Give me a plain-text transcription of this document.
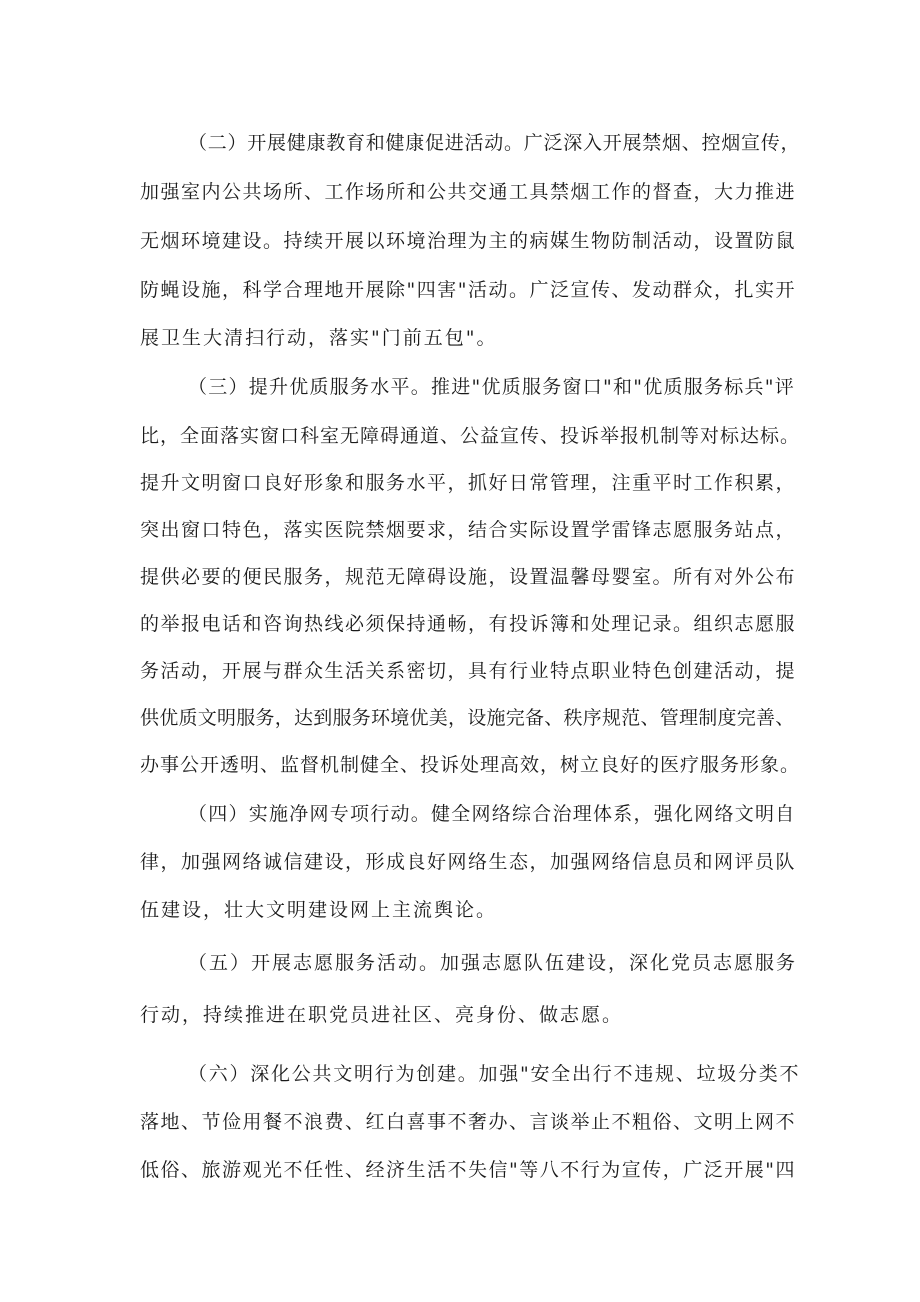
（二）开展健康教育和健康促进活动。广泛深入开展禁烟、控烟宣传，
加强室内公共场所、工作场所和公共交通工具禁烟工作的督查，大力推进
无烟环境建设。持续开展以环境治理为主的病媒生物防制活动，设置防鼠
防蝇设施，科学合理地开展除"四害"活动。广泛宣传、发动群众，扎实开
展卫生大清扫行动，落实"门前五包"。
（三）提升优质服务水平。推进"优质服务窗口"和"优质服务标兵"评
比，全面落实窗口科室无障碍通道、公益宣传、投诉举报机制等对标达标。
提升文明窗口良好形象和服务水平，抓好日常管理，注重平时工作积累，
突出窗口特色，落实医院禁烟要求，结合实际设置学雷锋志愿服务站点，
提供必要的便民服务，规范无障碍设施，设置温馨母婴室。所有对外公布
的举报电话和咨询热线必须保持通畅，有投诉簿和处理记录。组织志愿服
务活动，开展与群众生活关系密切，具有行业特点职业特色创建活动，提
供优质文明服务，达到服务环境优美，设施完备、秩序规范、管理制度完善、
办事公开透明、监督机制健全、投诉处理高效，树立良好的医疗服务形象。
（四）实施净网专项行动。健全网络综合治理体系，强化网络文明自
律，加强网络诚信建设，形成良好网络生态，加强网络信息员和网评员队
伍建设，壮大文明建设网上主流舆论。
（五）开展志愿服务活动。加强志愿队伍建设，深化党员志愿服务
行动，持续推进在职党员进社区、亮身份、做志愿。
（六）深化公共文明行为创建。加强"安全出行不违规、垃圾分类不
落地、节俭用餐不浪费、红白喜事不奢办、言谈举止不粗俗、文明上网不
低俗、旅游观光不任性、经济生活不失信"等八不行为宣传，广泛开展"四
